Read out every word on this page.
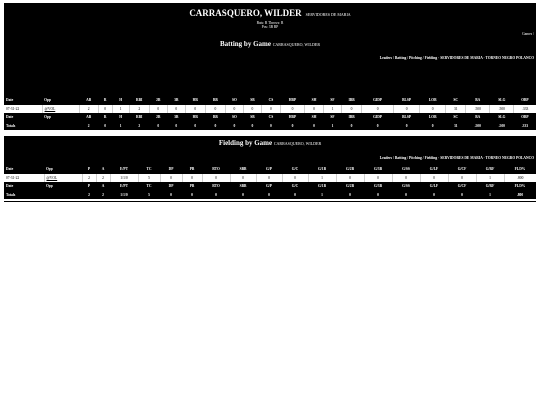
CARRASQUERO, WILDER SERVIDORES DE MARIA
Bats: R Throws: R
Pos: 3B RP
Games /
Batting by Game CARRASQUERO, WILDER
Leaders / Batting / Pitching / Fielding · SERVIDORES DE MARIA · TORNEO NEGRO POLANCO
Date	Opp	AB	R	H	RBI	2B	3B	HR	BB	SO	SB	CS	HBP	SH	SF	IBB	GIDP	BLSP	LOB	SC	BA	SLG	OBP
07-31-22	@VOL	2	0	1	2	0	0	0	0	0	0	0	0	0	1	0	0	0	0	31	.500	.500	.333
Date	Opp	AB	R	H	RBI	2B	3B	HR	BB	SO	SB	CS	HBP	SH	SF	IBB	GIDP	BLSP	LOB	SC	BA	SLG	OBP
Totals		2	0	1	2	0	0	0	0	0	0	0	0	0	1	0	0	0	0	31	.500	.500	.333
Fielding by Game CARRASQUERO, WILDER
Leaders / Batting / Pitching / Fielding · SERVIDORES DE MARIA · TORNEO NEGRO POLANCO
Date	Opp	P	A	E/PT	TC	DP	PB	RTO	SBB	G/P	G/C	G/1B	G/2B	G/3B	G/SS	G/LF	G/CF	G/RF	FLD%
07-31-22	@VOL	2	2	1/1/0	5	0	0	0	0	0	0	1	0	0	0	0	0	1	.800
Date	Opp	P	A	E/PT	TC	DP	PB	RTO	SBB	G/P	G/C	G/1B	G/2B	G/3B	G/SS	G/LF	G/CF	G/RF	FLD%
Totals		2	2	1/1/0	5	0	0	0	0	0	0	1	0	0	0	0	0	1	.800
